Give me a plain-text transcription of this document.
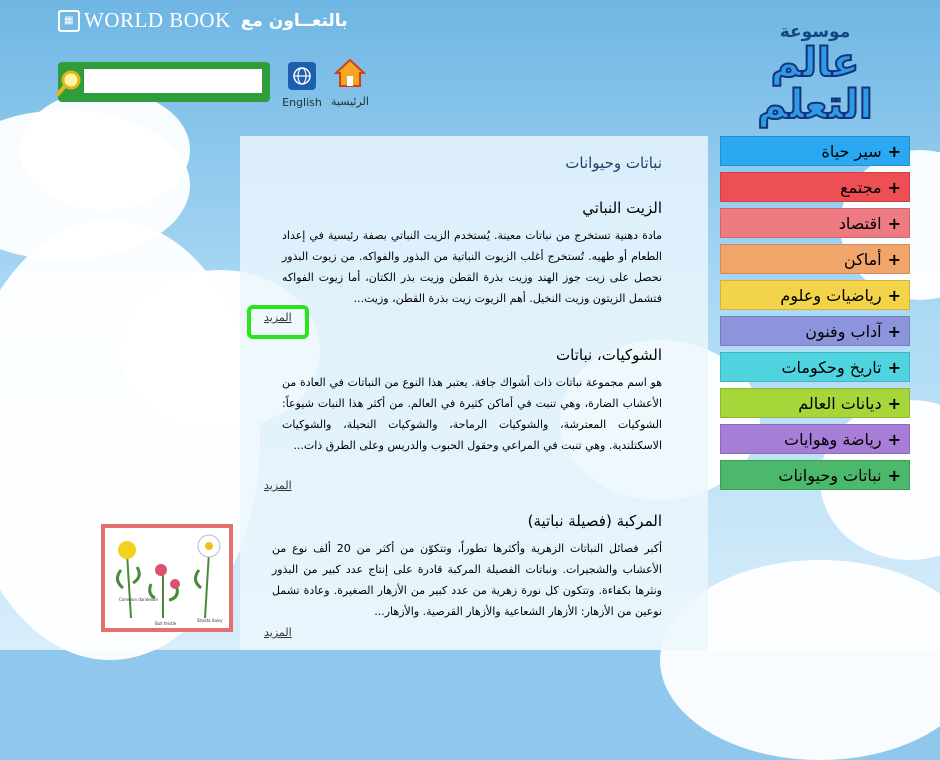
▦ WORLD BOOK بالتعــاون مع
English الرئيسية
موسوعة
عالم التعلم
نباتات وحيوانات
الزيت النباتي

مادة دهنية تستخرج من نباتات معينة. يُستخدم الزيت النباتي بصفة رئيسية في إعداد الطعام أو طهيه. تُستخرج أغلب الزيوت النباتية من البذور والفواكه. من زيوت البذور نحصل على زيت جوز الهند وزيت بذرة القطن وزيت بذر الكتان، أما زيوت الفواكه فتشمل الزيتون وزيت النخيل. أهم الزيوت زيت بذرة القطن، وزيت...

المزيد
الشوكيات، نباتات

هو اسم مجموعة نباتات ذات أشواك جافة. يعتبر هذا النوع من النباتات في العادة من الأعشاب الضارة، وهي تنبت في أماكن كثيرة في العالم. من أكثر هذا النبات شيوعاً: الشوكيات المعترشة، والشوكيات الرماحة، والشوكيات النحيلة، والشوكيات الاسكتلندية. وهي تنبت في المراعي وحقول الحبوب والدريس وعلى الطرق ذات...

المزيد
المركبة (فصيلة نباتية)

أكبر فصائل النباتات الزهرية وأكثرها تطوراً، وتتكوّن من أكثر من 20 ألف نوع من الأعشاب والشجيرات. ونباتات الفصيلة المركبة قادرة على إنتاج عدد كبير من البذور ونثرها بكفاءة. وتتكون كل نورة زهرية من عدد كبير من الأزهار الصغيرة. وعادة تشمل نوعين من الأزهار: الأزهار الشعاعية والأزهار القرصية. والأزهار...

المزيد
Common dandelion
Bull thistle
Shasta daisy
+
سير حياة
+
مجتمع
+
اقتصاد
+
أماكن
+
رياضيات وعلوم
+
آداب وفنون
+
تاريخ وحكومات
+
ديانات العالم
+
رياضة وهوايات
+
نباتات وحيوانات
